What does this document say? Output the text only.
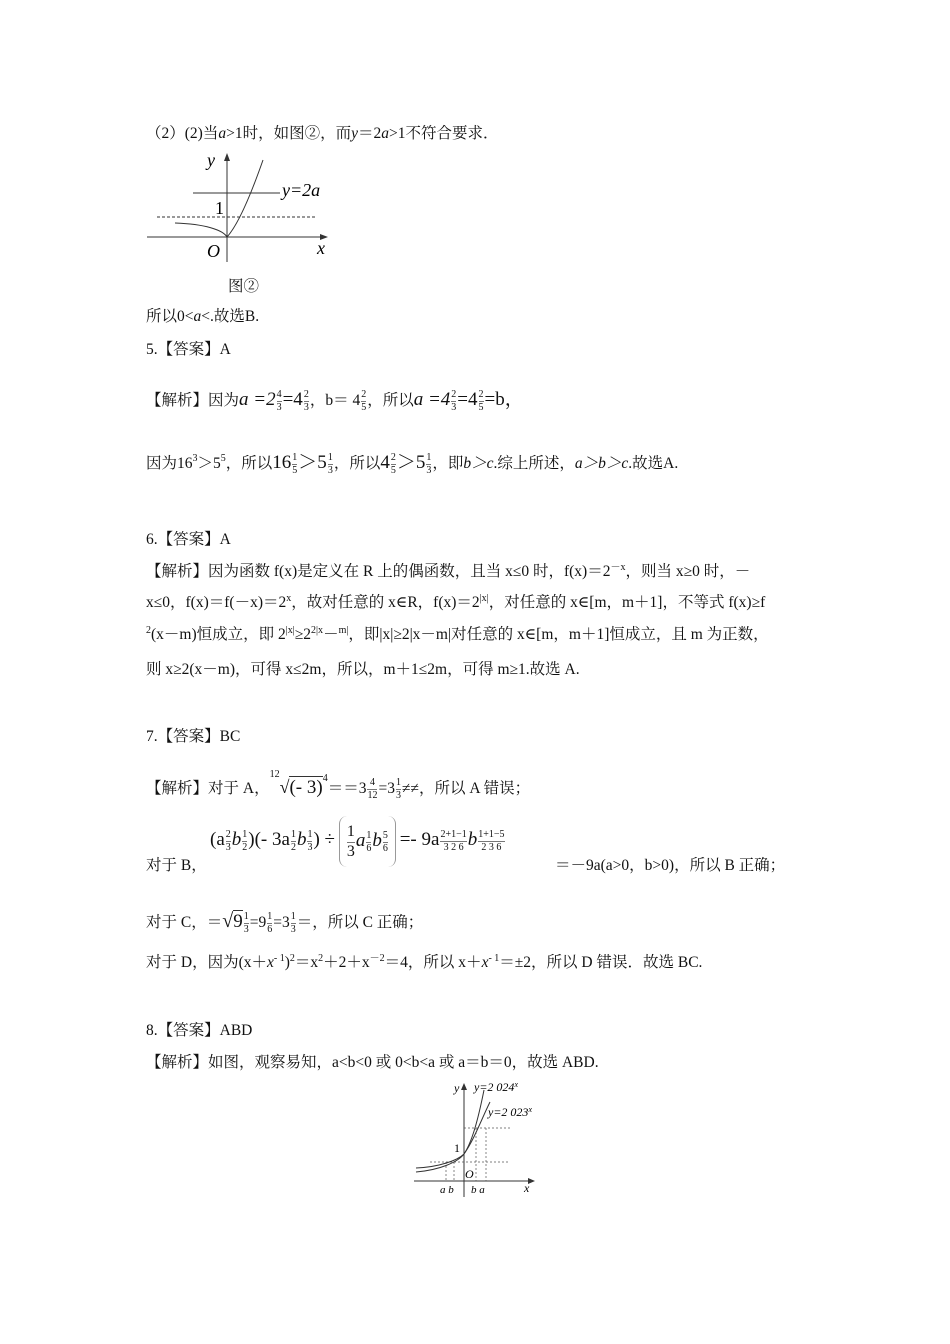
（2）(2)当a>1时，如图②，而y＝2a>1不符合要求．
y
y=2a
1
O	x
图②
所以0<a<.故选B.
5.【答案】A
【解析】因为$a =2 \frac{4}{3} =4 \frac{2}{3}$ ，$b= 4 \frac{2}{5}$ ，所以$a =4 \frac{2}{3} =4 \frac{2}{5} =b$，
因为$16^3>5^5$，所以$16 \frac{1}{5} >5 \frac{1}{3}$ ，所以$4 \frac{2}{5} >5 \frac{1}{3}$ ，即b＞c.综上所述，a＞b＞c.故选A.
6.【答案】A
【解析】因为函数 f(x)是定义在 R 上的偶函数，且当 x≤0 时，$f(x)=2^{-x}$，则当 x≥0 时，－
x≤0，$f(x)=f(-x)=2^x$，故对任意的 x∈R，$f(x)=2^{|x|}$，对任意的 x∈[m，m＋1]，不等式 f(x)≥f
$^2$(x－m)恒成立，即 $2^{|x|}\ge 2^{2|x}-^{m|}$，即|x|≥2|x－m|对任意的 x∈[m，m＋1]恒成立，且 m 为正数，
则 x≥2(x－m)，可得 x≤2m，所以，m＋1≤2m，可得 m≥1.故选 A.
7.【答案】BC
【解析】对于 A，$^{12}$√(- $3)4==3 \frac{4}{12} =3 \frac{1}{3}$ ≠≠，所以 A 错误；
($a \frac{2}{3}$ b $\frac{1}{2}$ )(- $3a \frac{1}{2}$ b $\frac{1}{3}$ ) ÷ $\frac{1}{3}$ a $\frac{1}{6}$ b $\frac{5}{6} =- 9a \frac{2+1-1}{3 2 6}$ b $\frac{1+1-5}{2 3 6}$
对于 B，	＝－9a(a>0，b>0)，所以 B 正确；
对于 C，$=√9 \frac{1}{3} =9 \frac{1}{6} =3 \frac{1}{3}$ ＝，所以 C 正确；
对于 D，因为$(x+x^{- 1})^2=x^2+2+x^{-2}=4$，所以 $x+x^{- 1}=\pm 2$，所以 D 错误．故选 BC.
8.【答案】ABD
【解析】如图，观察易知，a<b<0 或 0<b<a 或 a＝b＝0，故选 ABD.
y y=2 024$^x$
y=2 023$^x$
1
O
x
a b b a
